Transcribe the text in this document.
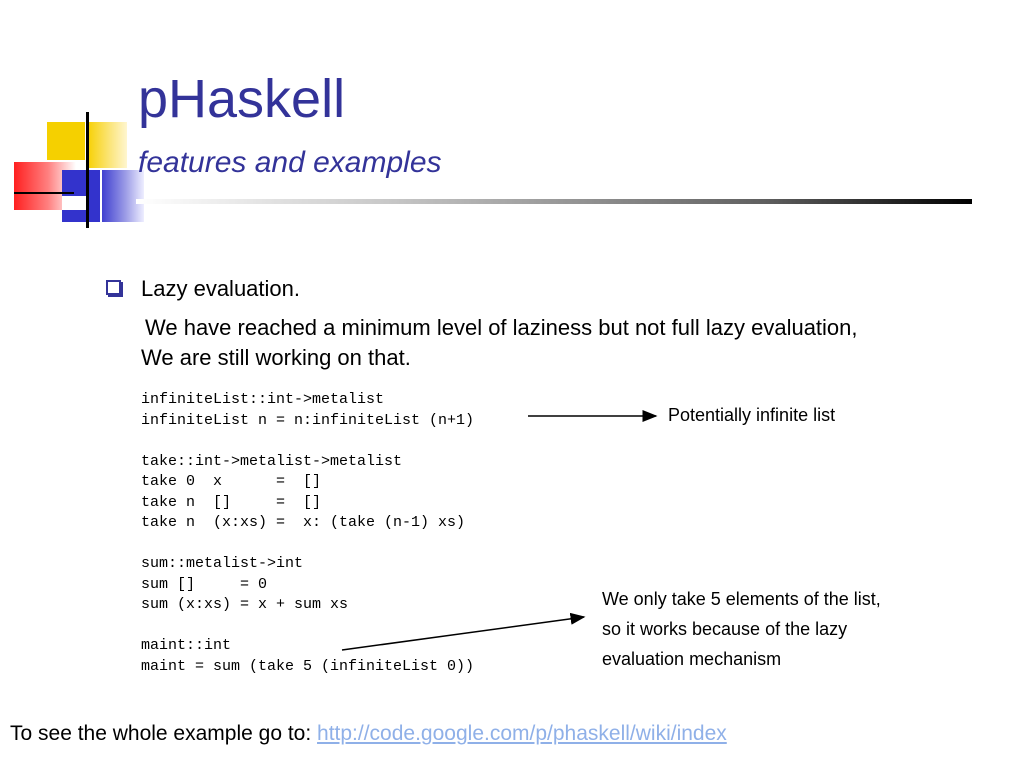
pHaskell
features and examples
Lazy evaluation.
We have reached a minimum level of laziness but not full lazy evaluation,
We are still working on that.
infiniteList::int->metalist
infiniteList n = n:infiniteList (n+1)

take::int->metalist->metalist
take 0  x      =  []
take n  []     =  []
take n  (x:xs) =  x: (take (n-1) xs)

sum::metalist->int
sum []     = 0
sum (x:xs) = x + sum xs

maint::int
maint = sum (take 5 (infiniteList 0))
Potentially infinite list
We only take 5 elements of the list,
so it works because of the lazy
evaluation mechanism
To see the whole example go to: http://code.google.com/p/phaskell/wiki/index
